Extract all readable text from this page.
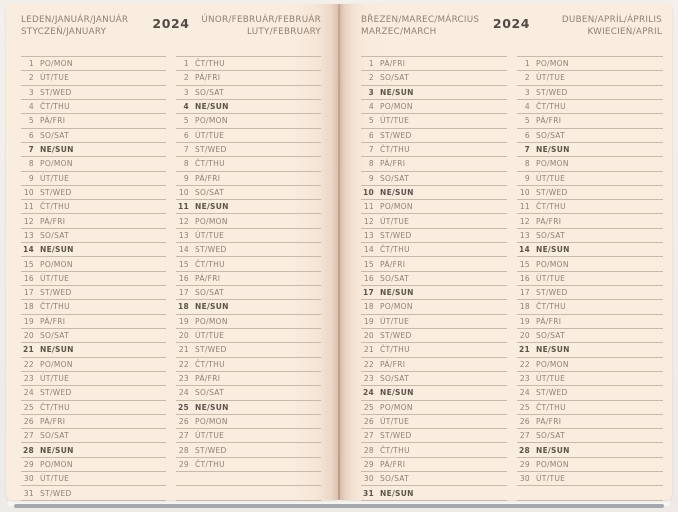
LEDEN/JANUÁR/JANUÁR
STYCZEŃ/JANUARY
2024	ÚNOR/FEBRUÁR/FEBRUÁR
LUTY/FEBRUARY
1 PO/MON
2 ÚT/TUE
3 ST/WED
4 ČT/THU
5 PÁ/FRI
6 SO/SAT
7 NE/SUN
8 PO/MON
9 ÚT/TUE
10 ST/WED
11 ČT/THU
12 PÁ/FRI
13 SO/SAT
14 NE/SUN
15 PO/MON
16 ÚT/TUE
17 ST/WED
18 ČT/THU
19 PÁ/FRI
20 SO/SAT
21 NE/SUN
22 PO/MON
23 ÚT/TUE
24 ST/WED
25 ČT/THU
26 PÁ/FRI
27 SO/SAT
28 NE/SUN
29 PO/MON
30 ÚT/TUE
31 ST/WED
1 ČT/THU
2 PÁ/FRI
3 SO/SAT
4 NE/SUN
5 PO/MON
6 ÚT/TUE
7 ST/WED
8 ČT/THU
9 PÁ/FRI
10 SO/SAT
11 NE/SUN
12 PO/MON
13 ÚT/TUE
14 ST/WED
15 ČT/THU
16 PÁ/FRI
17 SO/SAT
18 NE/SUN
19 PO/MON
20 ÚT/TUE
21 ST/WED
22 ČT/THU
23 PÁ/FRI
24 SO/SAT
25 NE/SUN
26 PO/MON
27 ÚT/TUE
28 ST/WED
29 ČT/THU
BŘEZEN/MAREC/MÁRCIUS
MARZEC/MARCH
2024	DUBEN/APRÍL/ÁPRILIS
KWIECIEŃ/APRIL
1 PÁ/FRI
2 SO/SAT
3 NE/SUN
4 PO/MON
5 ÚT/TUE
6 ST/WED
7 ČT/THU
8 PÁ/FRI
9 SO/SAT
10 NE/SUN
11 PO/MON
12 ÚT/TUE
13 ST/WED
14 ČT/THU
15 PÁ/FRI
16 SO/SAT
17 NE/SUN
18 PO/MON
19 ÚT/TUE
20 ST/WED
21 ČT/THU
22 PÁ/FRI
23 SO/SAT
24 NE/SUN
25 PO/MON
26 ÚT/TUE
27 ST/WED
28 ČT/THU
29 PÁ/FRI
30 SO/SAT
31 NE/SUN
1 PO/MON
2 ÚT/TUE
3 ST/WED
4 ČT/THU
5 PÁ/FRI
6 SO/SAT
7 NE/SUN
8 PO/MON
9 ÚT/TUE
10 ST/WED
11 ČT/THU
12 PÁ/FRI
13 SO/SAT
14 NE/SUN
15 PO/MON
16 ÚT/TUE
17 ST/WED
18 ČT/THU
19 PÁ/FRI
20 SO/SAT
21 NE/SUN
22 PO/MON
23 ÚT/TUE
24 ST/WED
25 ČT/THU
26 PÁ/FRI
27 SO/SAT
28 NE/SUN
29 PO/MON
30 ÚT/TUE
